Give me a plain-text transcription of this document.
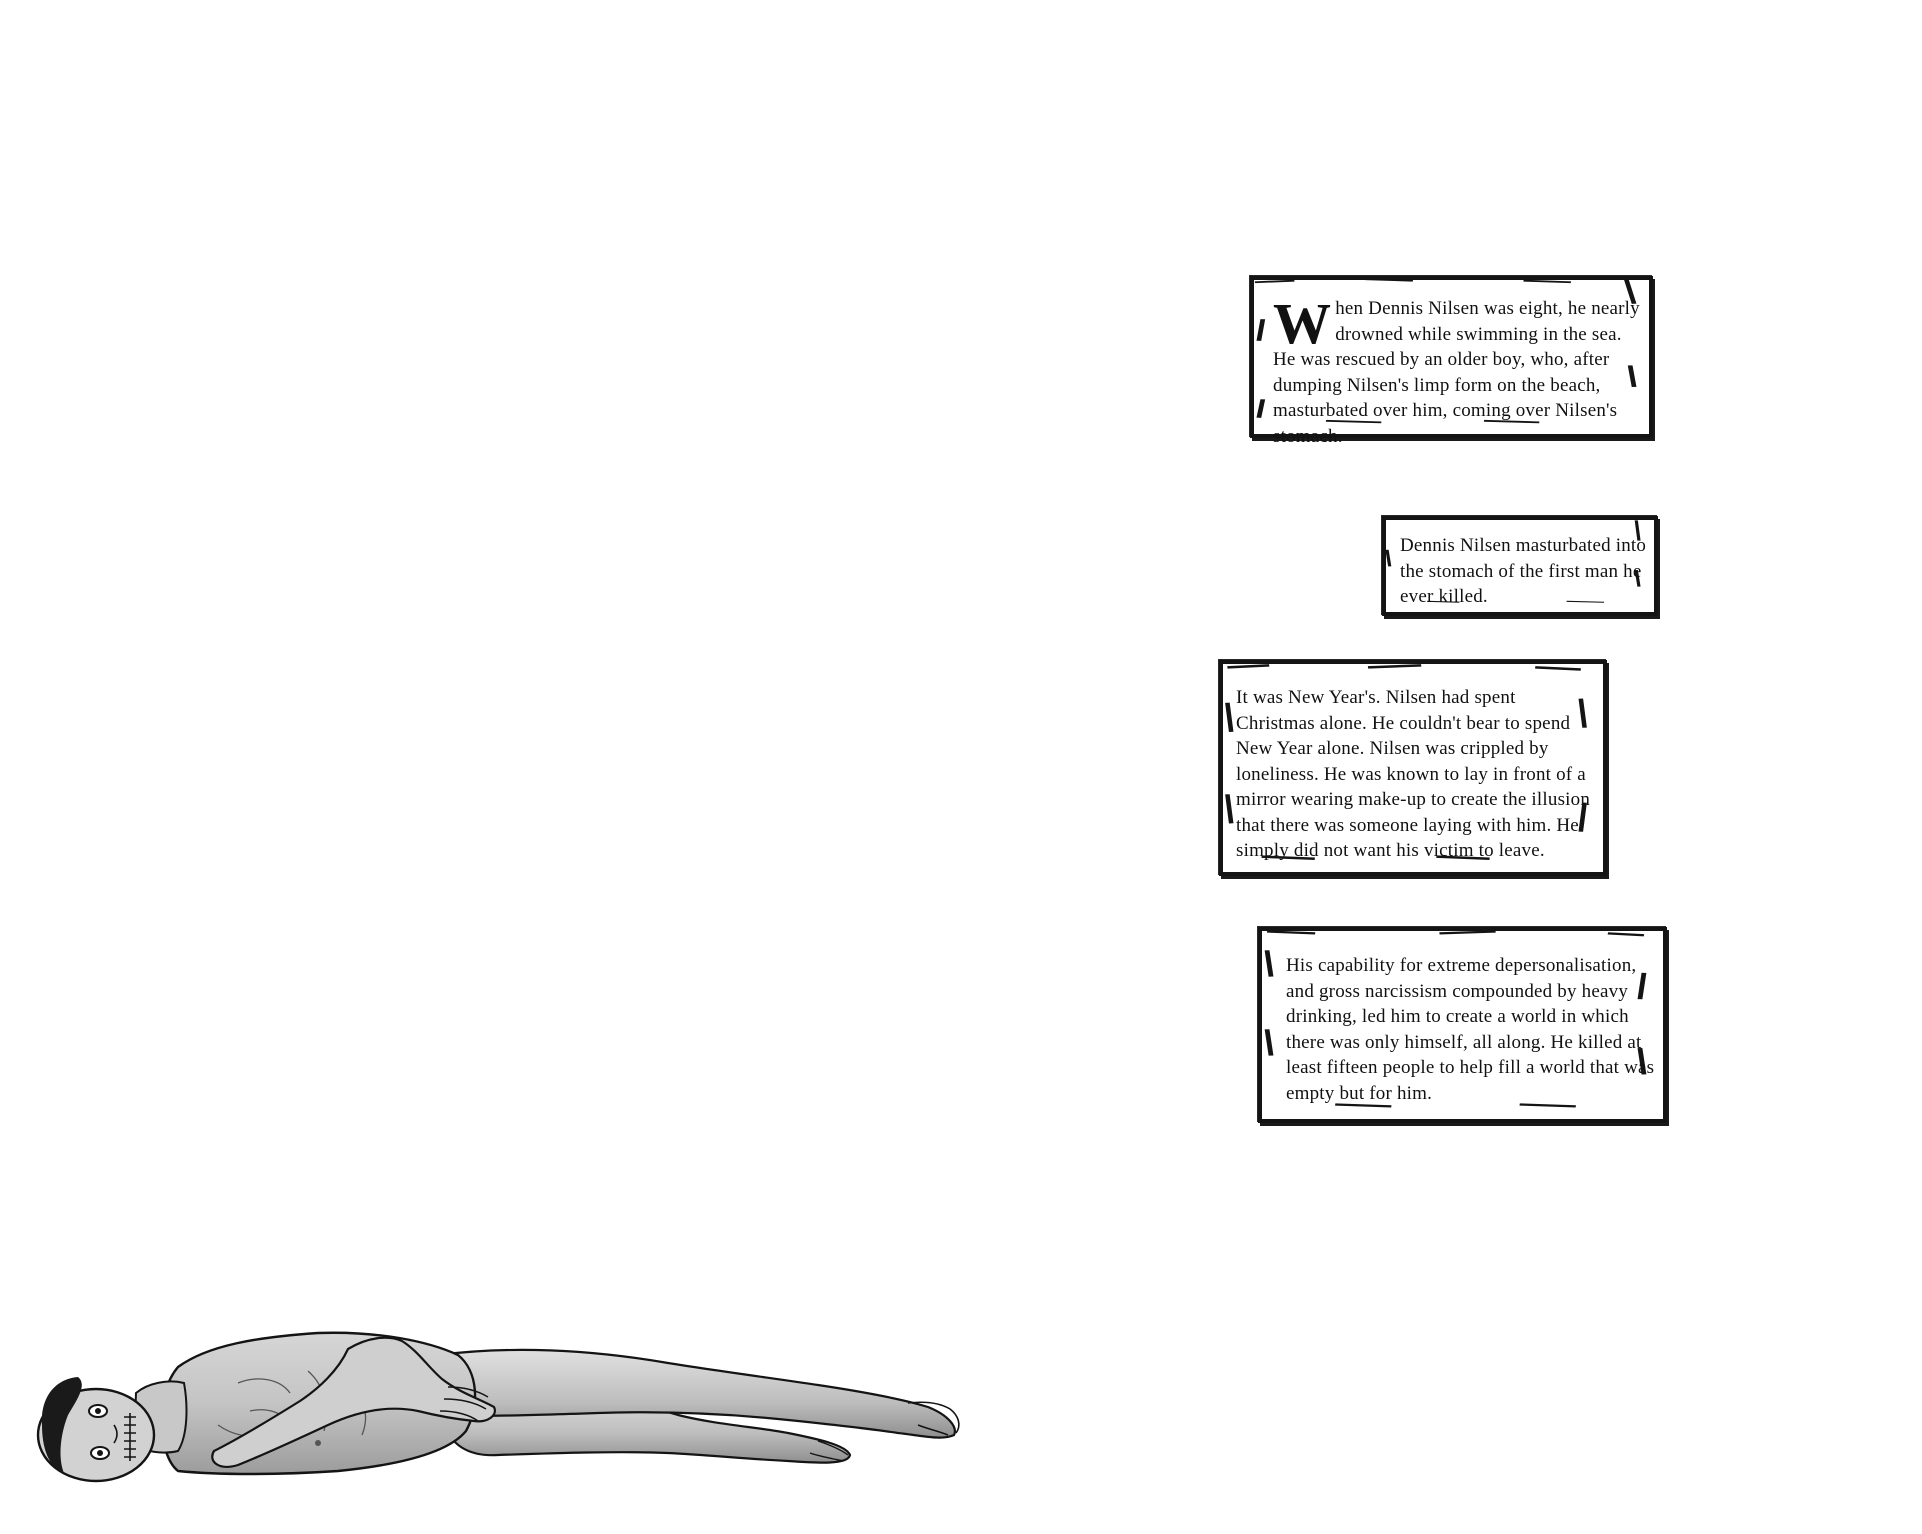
When Dennis Nilsen was eight, he nearly drowned while swimming in the sea. He was rescued by an older boy, who, after dumping Nilsen's limp form on the beach, masturbated over him, coming over Nilsen's stomach.
Dennis Nilsen masturbated into the stomach of the first man he ever killed.
It was New Year's. Nilsen had spent Christmas alone. He couldn't bear to spend New Year alone. Nilsen was crippled by loneliness. He was known to lay in front of a mirror wearing make-up to create the illusion that there was someone laying with him. He simply did not want his victim to leave.
His capability for extreme depersonalisation, and gross narcissism compounded by heavy drinking, led him to create a world in which there was only himself, all along. He killed at least fifteen people to help fill a world that was empty but for him.
